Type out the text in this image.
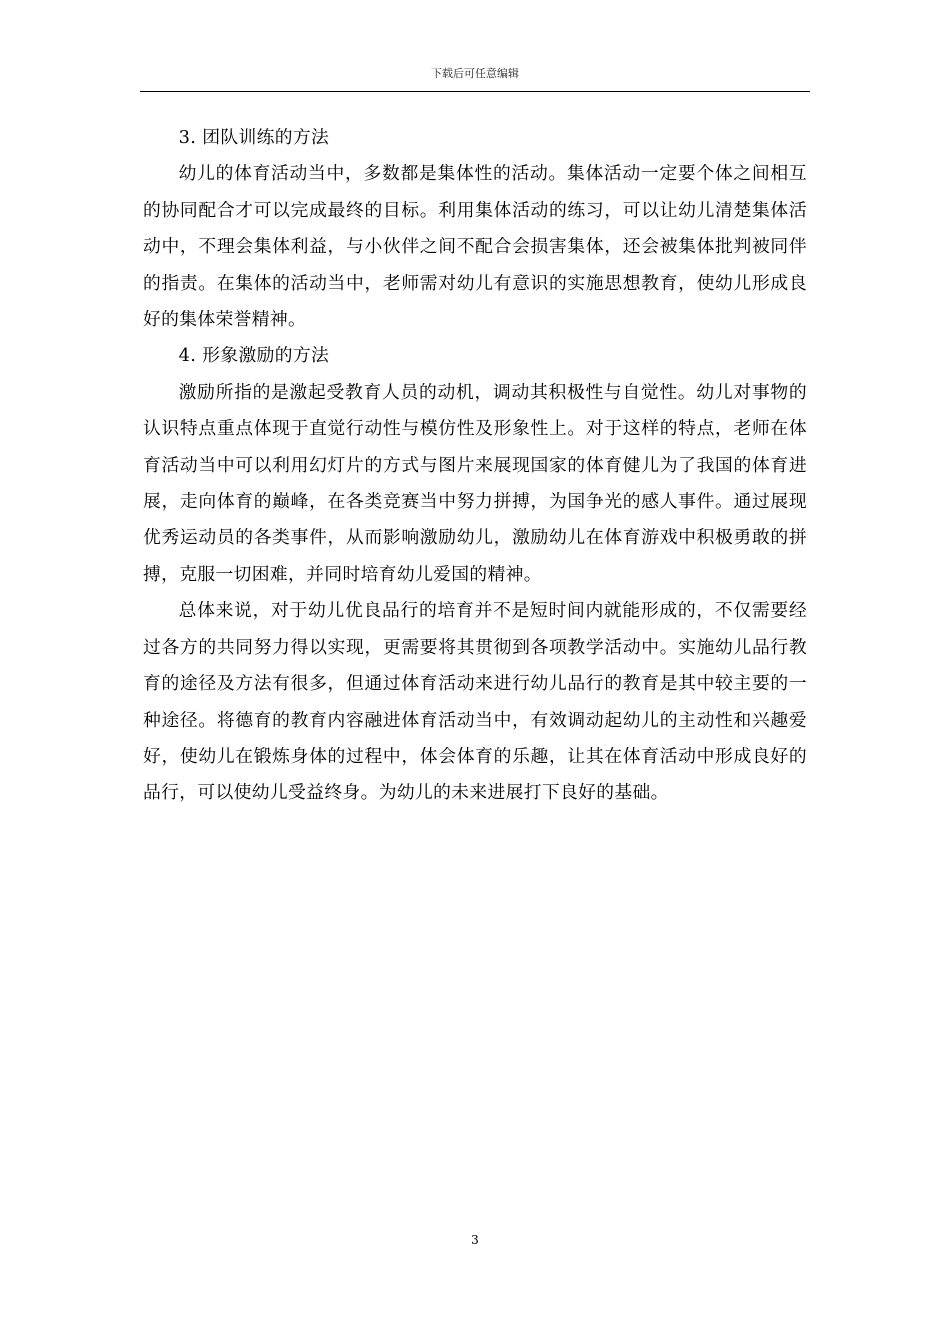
下载后可任意编辑

3. 团队训练的方法

幼儿的体育活动当中，多数都是集体性的活动。集体活动一定要个体之间相互的协同配合才可以完成最终的目标。利用集体活动的练习，可以让幼儿清楚集体活动中，不理会集体利益，与小伙伴之间不配合会损害集体，还会被集体批判被同伴的指责。在集体的活动当中，老师需对幼儿有意识的实施思想教育，使幼儿形成良好的集体荣誉精神。

4. 形象激励的方法

激励所指的是激起受教育人员的动机，调动其积极性与自觉性。幼儿对事物的认识特点重点体现于直觉行动性与模仿性及形象性上。对于这样的特点，老师在体育活动当中可以利用幻灯片的方式与图片来展现国家的体育健儿为了我国的体育进展，走向体育的巅峰，在各类竞赛当中努力拼搏，为国争光的感人事件。通过展现优秀运动员的各类事件，从而影响激励幼儿，激励幼儿在体育游戏中积极勇敢的拼搏，克服一切困难，并同时培育幼儿爱国的精神。

总体来说，对于幼儿优良品行的培育并不是短时间内就能形成的，不仅需要经过各方的共同努力得以实现，更需要将其贯彻到各项教学活动中。实施幼儿品行教育的途径及方法有很多，但通过体育活动来进行幼儿品行的教育是其中较主要的一种途径。将德育的教育内容融进体育活动当中，有效调动起幼儿的主动性和兴趣爱好，使幼儿在锻炼身体的过程中，体会体育的乐趣，让其在体育活动中形成良好的品行，可以使幼儿受益终身。为幼儿的未来进展打下良好的基础。

3
